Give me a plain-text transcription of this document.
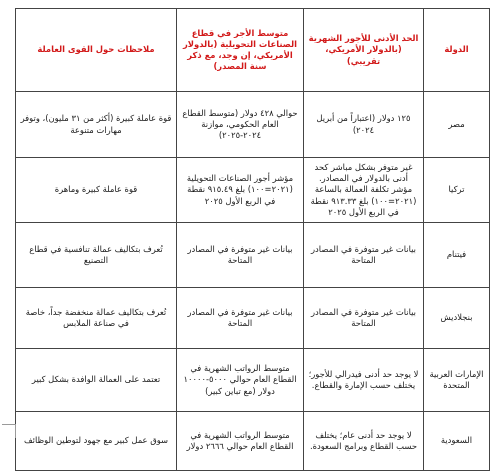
الدولة	الحد الأدنى للأجور الشهرية (بالدولار الأمريكي، تقريبي)	متوسط الأجر في قطاع الصناعات التحويلية (بالدولار الأمريكي، إن وجد، مع ذكر سنة المصدر)	ملاحظات حول القوى العاملة
مصر	١٢٥ دولار (اعتباراً من أبريل ٢٠٢٤)	حوالي ٤٢٨ دولار (متوسط القطاع العام الحكومي، موازنة ٢٠٢٤-٢٠٢٥)	قوة عاملة كبيرة (أكثر من ٣١ مليون)، وتوفر مهارات متنوعة
تركيا	غير متوفر بشكل مباشر كحد أدنى بالدولار في المصادر. مؤشر تكلفة العمالة بالساعة (٢٠٢١=١٠٠) بلغ ٩١٣.٣٣ نقطة في الربع الأول ٢٠٢٥	مؤشر أجور الصناعات التحويلية (٢٠٢١=١٠٠) بلغ ٩١٥.٤٩ نقطة في الربع الأول ٢٠٢٥	قوة عاملة كبيرة وماهرة
فيتنام	بيانات غير متوفرة في المصادر المتاحة	بيانات غير متوفرة في المصادر المتاحة	تُعرف بتكاليف عمالة تنافسية في قطاع التصنيع
بنجلاديش	بيانات غير متوفرة في المصادر المتاحة	بيانات غير متوفرة في المصادر المتاحة	تُعرف بتكاليف عمالة منخفضة جداً، خاصة في صناعة الملابس
الإمارات العربية المتحدة	لا يوجد حد أدنى فيدرالي للأجور؛ يختلف حسب الإمارة والقطاع.	متوسط الرواتب الشهرية في القطاع العام حوالي ٥٠٠٠-١٠٠٠٠ دولار (مع تباين كبير)	تعتمد على العمالة الوافدة بشكل كبير
السعودية	لا يوجد حد أدنى عام؛ يختلف حسب القطاع وبرامج السعودة.	متوسط الرواتب الشهرية في القطاع العام حوالي ٢٦٦٦ دولار	سوق عمل كبير مع جهود لتوطين الوظائف
